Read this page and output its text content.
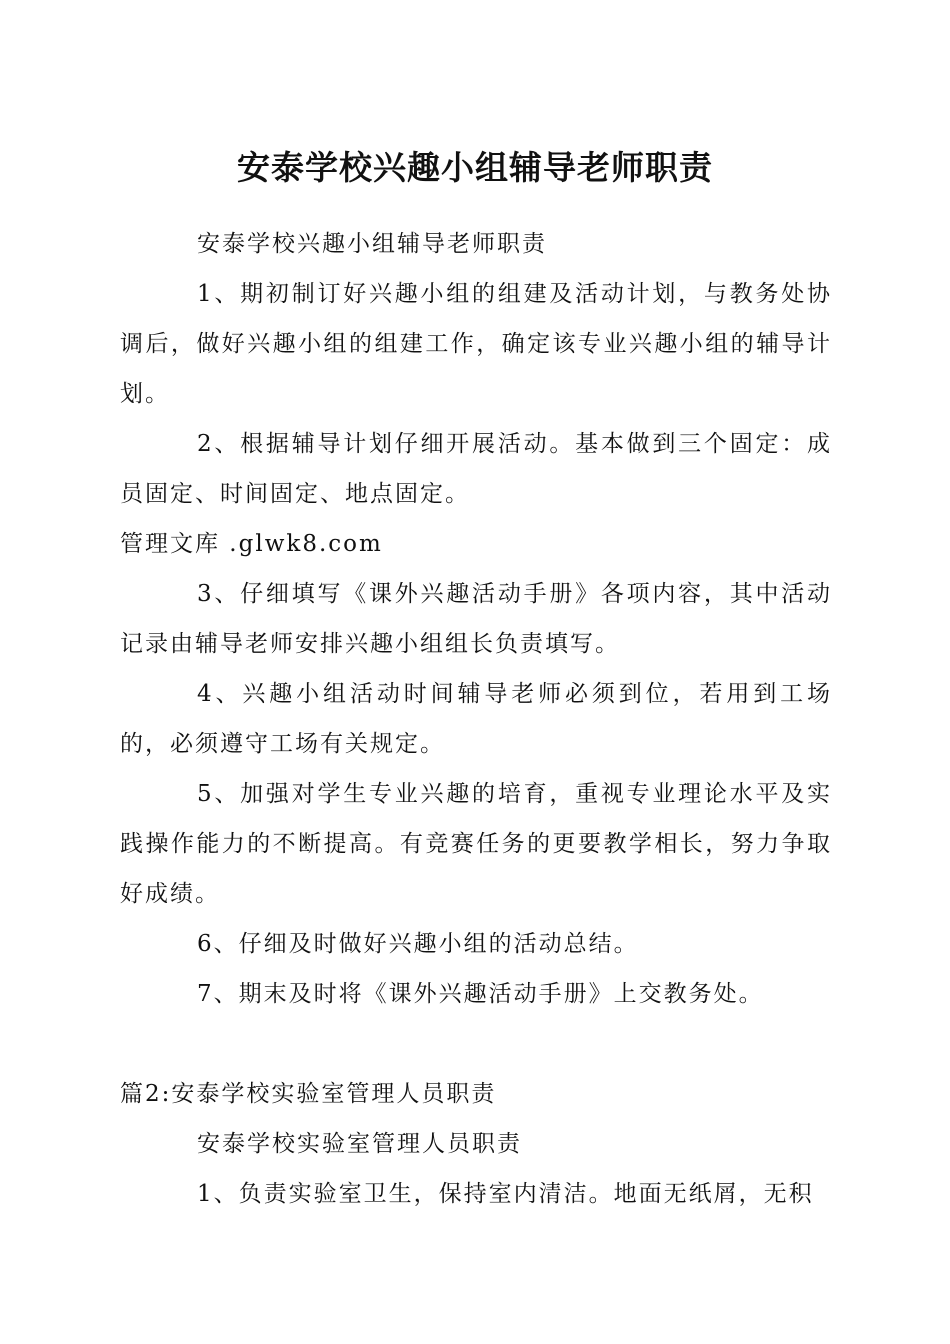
安泰学校兴趣小组辅导老师职责

安泰学校兴趣小组辅导老师职责

1、期初制订好兴趣小组的组建及活动计划，与教务处协调后，做好兴趣小组的组建工作，确定该专业兴趣小组的辅导计划。

2、根据辅导计划仔细开展活动。基本做到三个固定：成员固定、时间固定、地点固定。

管理文库 .glwk8.com

3、仔细填写《课外兴趣活动手册》各项内容，其中活动记录由辅导老师安排兴趣小组组长负责填写。

4、兴趣小组活动时间辅导老师必须到位，若用到工场的，必须遵守工场有关规定。

5、加强对学生专业兴趣的培育，重视专业理论水平及实践操作能力的不断提高。有竞赛任务的更要教学相长，努力争取好成绩。

6、仔细及时做好兴趣小组的活动总结。

7、期末及时将《课外兴趣活动手册》上交教务处。

篇2:安泰学校实验室管理人员职责

安泰学校实验室管理人员职责

1、负责实验室卫生，保持室内清洁。地面无纸屑，无积
